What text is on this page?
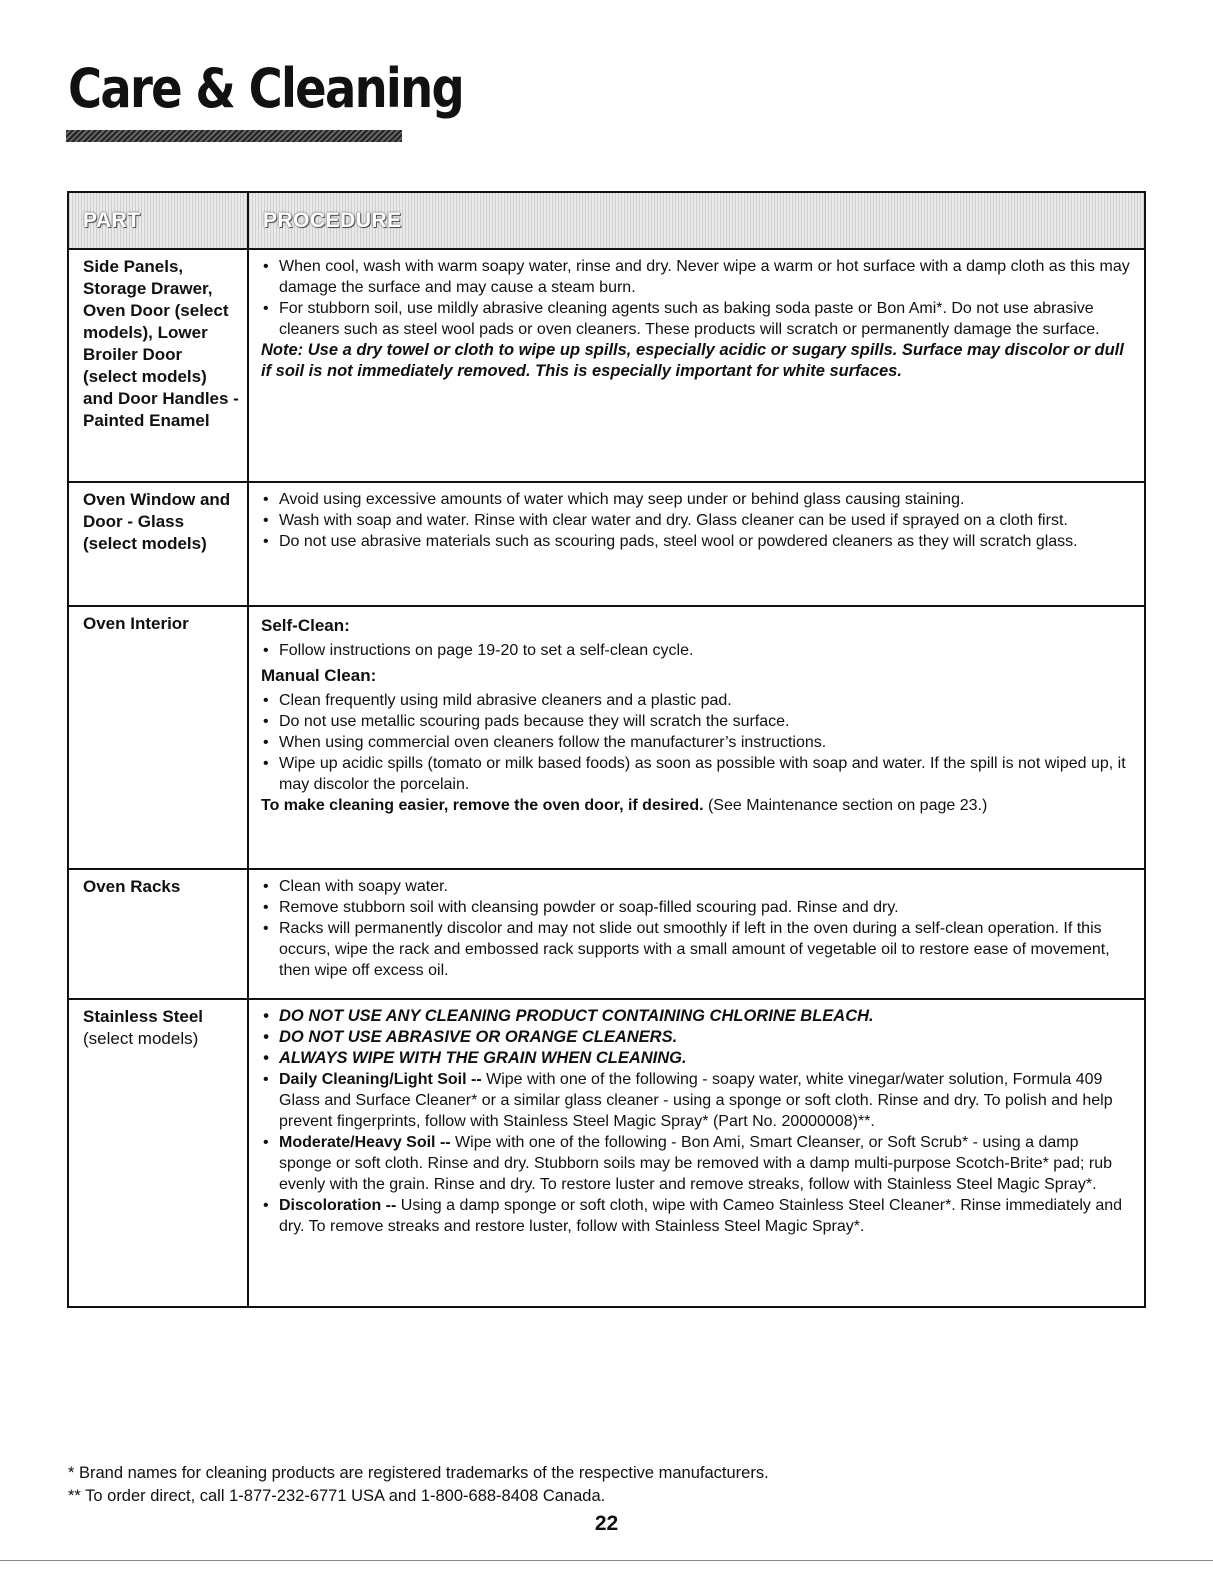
Care & Cleaning
PART	PROCEDURE
Side Panels, Storage Drawer, Oven Door (select models), Lower Broiler Door (select models) and Door Handles - Painted Enamel
• When cool, wash with warm soapy water, rinse and dry. Never wipe a warm or hot surface with a damp cloth as this may damage the surface and may cause a steam burn.
• For stubborn soil, use mildly abrasive cleaning agents such as baking soda paste or Bon Ami*. Do not use abrasive cleaners such as steel wool pads or oven cleaners. These products will scratch or permanently damage the surface.
Note: Use a dry towel or cloth to wipe up spills, especially acidic or sugary spills. Surface may discolor or dull if soil is not immediately removed. This is especially important for white surfaces.
Oven Window and Door - Glass (select models)
• Avoid using excessive amounts of water which may seep under or behind glass causing staining.
• Wash with soap and water. Rinse with clear water and dry. Glass cleaner can be used if sprayed on a cloth first.
• Do not use abrasive materials such as scouring pads, steel wool or powdered cleaners as they will scratch glass.
Oven Interior	Self-Clean:
• Follow instructions on page 19-20 to set a self-clean cycle.
Manual Clean:
• Clean frequently using mild abrasive cleaners and a plastic pad.
• Do not use metallic scouring pads because they will scratch the surface.
• When using commercial oven cleaners follow the manufacturer’s instructions.
• Wipe up acidic spills (tomato or milk based foods) as soon as possible with soap and water. If the spill is not wiped up, it may discolor the porcelain.
To make cleaning easier, remove the oven door, if desired. (See Maintenance section on page 23.)
Oven Racks
•	Clean with soapy water.
• Remove stubborn soil with cleansing powder or soap-filled scouring pad. Rinse and dry.
• Racks will permanently discolor and may not slide out smoothly if left in the oven during a self-clean operation. If this occurs, wipe the rack and embossed rack supports with a small amount of vegetable oil to restore ease of movement, then wipe off excess oil.
Stainless Steel
(select models)
• DO NOT USE ANY CLEANING PRODUCT CONTAINING CHLORINE BLEACH.
• DO NOT USE ABRASIVE OR ORANGE CLEANERS.
• ALWAYS WIPE WITH THE GRAIN WHEN CLEANING.
• Daily Cleaning/Light Soil -- Wipe with one of the following - soapy water, white vinegar/water solution, Formula 409 Glass and Surface Cleaner* or a similar glass cleaner - using a sponge or soft cloth. Rinse and dry. To polish and help prevent fingerprints, follow with Stainless Steel Magic Spray* (Part No. 20000008)**.
• Moderate/Heavy Soil -- Wipe with one of the following - Bon Ami, Smart Cleanser, or Soft Scrub* - using a damp sponge or soft cloth. Rinse and dry. Stubborn soils may be removed with a damp multi-purpose Scotch-Brite* pad; rub evenly with the grain. Rinse and dry. To restore luster and remove streaks, follow with Stainless Steel Magic Spray*.
• Discoloration -- Using a damp sponge or soft cloth, wipe with Cameo Stainless Steel Cleaner*. Rinse immediately and dry. To remove streaks and restore luster, follow with Stainless Steel Magic Spray*.
* Brand names for cleaning products are registered trademarks of the respective manufacturers.
** To order direct, call 1-877-232-6771 USA and 1-800-688-8408 Canada.
22
